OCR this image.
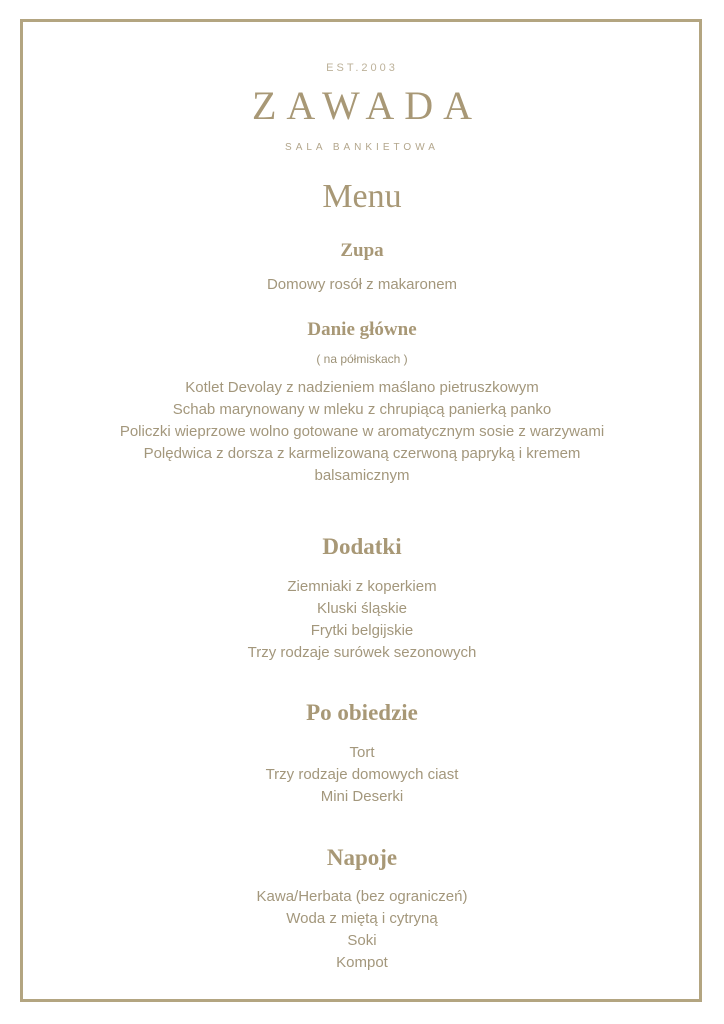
EST.2003

ZAWADA

SALA BANKIETOWA

Menu

Zupa

Domowy rosół z makaronem

Danie główne

( na półmiskach )

Kotlet Devolay z nadzieniem maślano pietruszkowym

Schab marynowany w mleku z chrupiącą panierką panko

Policzki wieprzowe wolno gotowane w aromatycznym sosie z warzywami

Polędwica z dorsza z karmelizowaną czerwoną papryką i kremem

balsamicznym

Dodatki

Ziemniaki z koperkiem

Kluski śląskie

Frytki belgijskie

Trzy rodzaje surówek sezonowych

Po obiedzie

Tort

Trzy rodzaje domowych ciast

Mini Deserki

Napoje

Kawa/Herbata (bez ograniczeń)

Woda z miętą i cytryną

Soki

Kompot
